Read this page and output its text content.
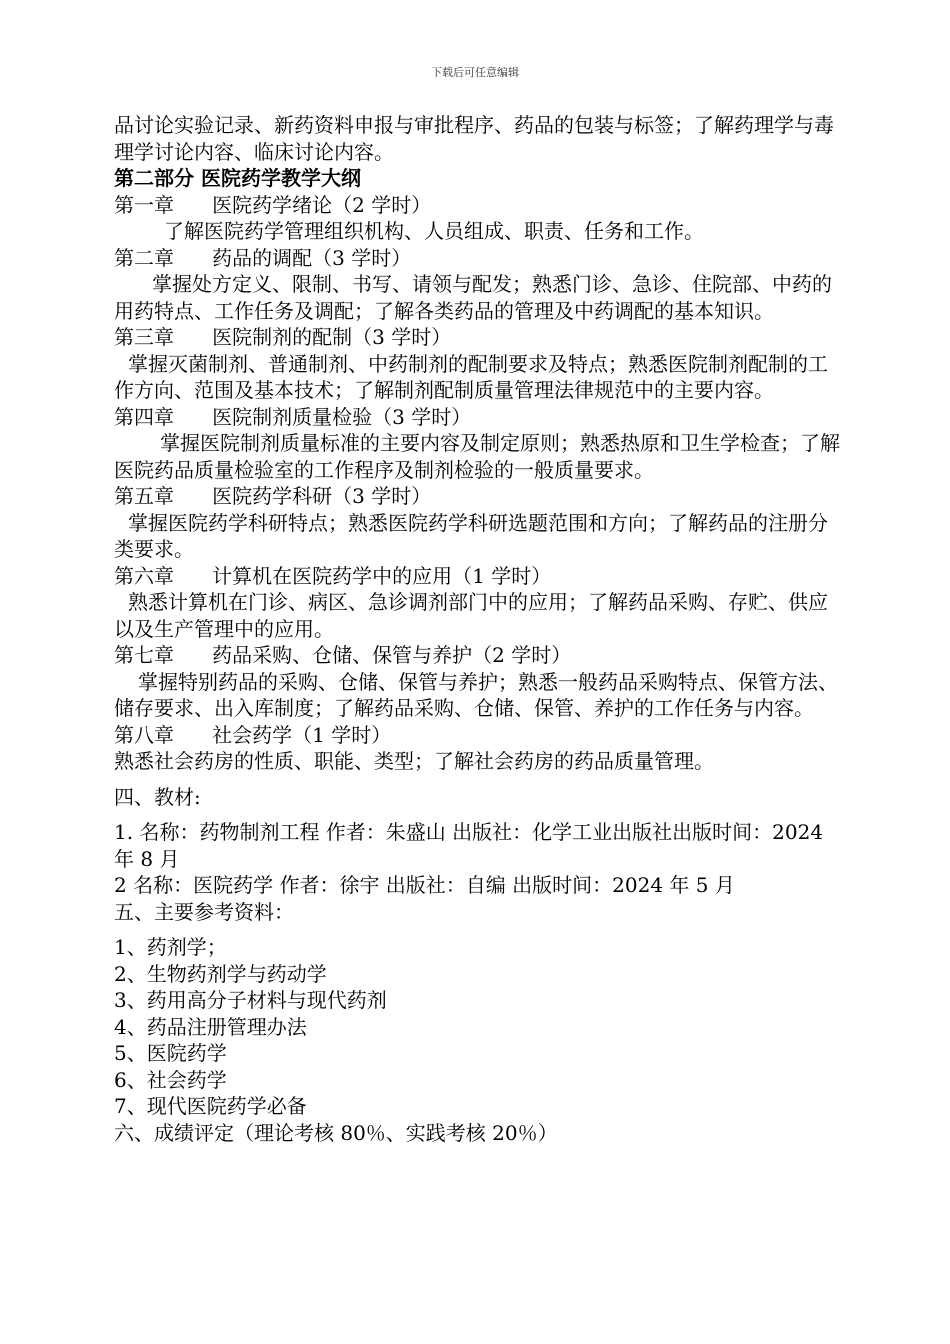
下载后可任意编辑

品讨论实验记录、新药资料申报与审批程序、药品的包装与标签；了解药理学与毒理学讨论内容、临床讨论内容。

第二部分 医院药学教学大纲

第一章      医院药学绪论（2 学时）

了解医院药学管理组织机构、人员组成、职责、任务和工作。

第二章      药品的调配（3 学时）

掌握处方定义、限制、书写、请领与配发；熟悉门诊、急诊、住院部、中药的用药特点、工作任务及调配；了解各类药品的管理及中药调配的基本知识。

第三章      医院制剂的配制（3 学时）

掌握灭菌制剂、普通制剂、中药制剂的配制要求及特点；熟悉医院制剂配制的工作方向、范围及基本技术；了解制剂配制质量管理法律规范中的主要内容。

第四章      医院制剂质量检验（3 学时）

掌握医院制剂质量标准的主要内容及制定原则；熟悉热原和卫生学检查；了解医院药品质量检验室的工作程序及制剂检验的一般质量要求。

第五章      医院药学科研（3 学时）

掌握医院药学科研特点；熟悉医院药学科研选题范围和方向；了解药品的注册分类要求。

第六章      计算机在医院药学中的应用（1 学时）

熟悉计算机在门诊、病区、急诊调剂部门中的应用；了解药品采购、存贮、供应以及生产管理中的应用。

第七章      药品采购、仓储、保管与养护（2 学时）

掌握特别药品的采购、仓储、保管与养护；熟悉一般药品采购特点、保管方法、储存要求、出入库制度；了解药品采购、仓储、保管、养护的工作任务与内容。

第八章      社会药学（1 学时）

熟悉社会药房的性质、职能、类型；了解社会药房的药品质量管理。

四、教材:

1. 名称：药物制剂工程 作者：朱盛山 出版社：化学工业出版社出版时间：2024 年 8 月

2 名称：医院药学 作者：徐宇 出版社：自编 出版时间：2024 年 5 月

五、主要参考资料：

1、药剂学；

2、生物药剂学与药动学

3、药用高分子材料与现代药剂

4、药品注册管理办法

5、医院药学

6、社会药学

7、现代医院药学必备

六、成绩评定（理论考核 80％、实践考核 20％）
